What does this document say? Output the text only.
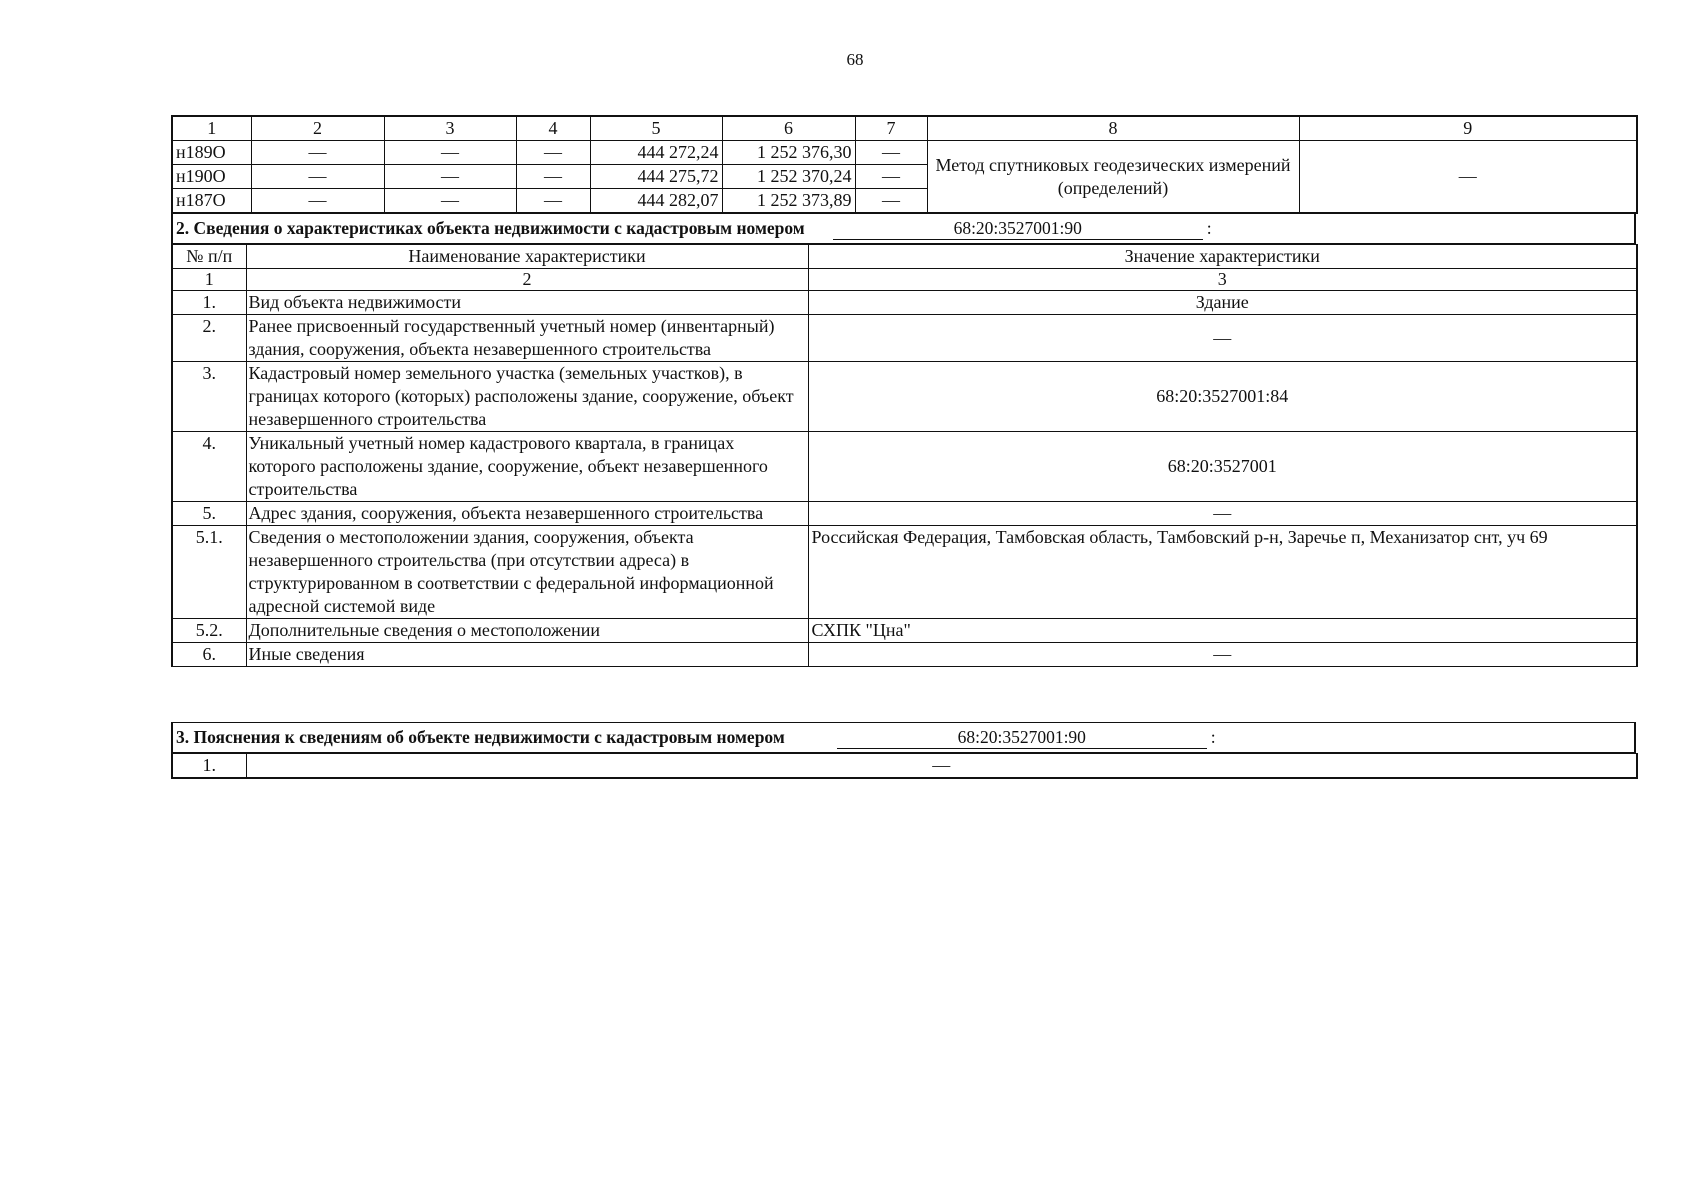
68
1	2	3	4	5	6	7	8	9
н189О	—	—	—	444 272,24	1 252 376,30	—	Метод спутниковых геодезических измерений (определений)	—
н190О	—	—	—	444 275,72	1 252 370,24	—		
н187О	—	—	—	444 282,07	1 252 373,89	—		
2. Сведения о характеристиках объекта недвижимости с кадастровым номером	68:20:3527001:90	:
№ п/п	Наименование характеристики	Значение характеристики
1	2	3
1.	Вид объекта недвижимости	Здание
2.	Ранее присвоенный государственный учетный номер (инвентарный) здания, сооружения, объекта незавершенного строительства	—
3.	Кадастровый номер земельного участка (земельных участков), в границах которого (которых) расположены здание, сооружение, объект незавершенного строительства	68:20:3527001:84
4.	Уникальный учетный номер кадастрового квартала, в границах которого расположены здание, сооружение, объект незавершенного строительства	68:20:3527001
5.	Адрес здания, сооружения, объекта незавершенного строительства	—
5.1.	Сведения о местоположении здания, сооружения, объекта незавершенного строительства (при отсутствии адреса) в структурированном в соответствии с федеральной информационной адресной системой виде	Российская Федерация, Тамбовская область, Тамбовский р-н, Заречье п, Механизатор снт, уч 69
5.2.	Дополнительные сведения о местоположении	СХПК "Цна"
6.	Иные сведения	—
3. Пояснения к сведениям об объекте недвижимости с кадастровым номером	68:20:3527001:90	:
1.	—
